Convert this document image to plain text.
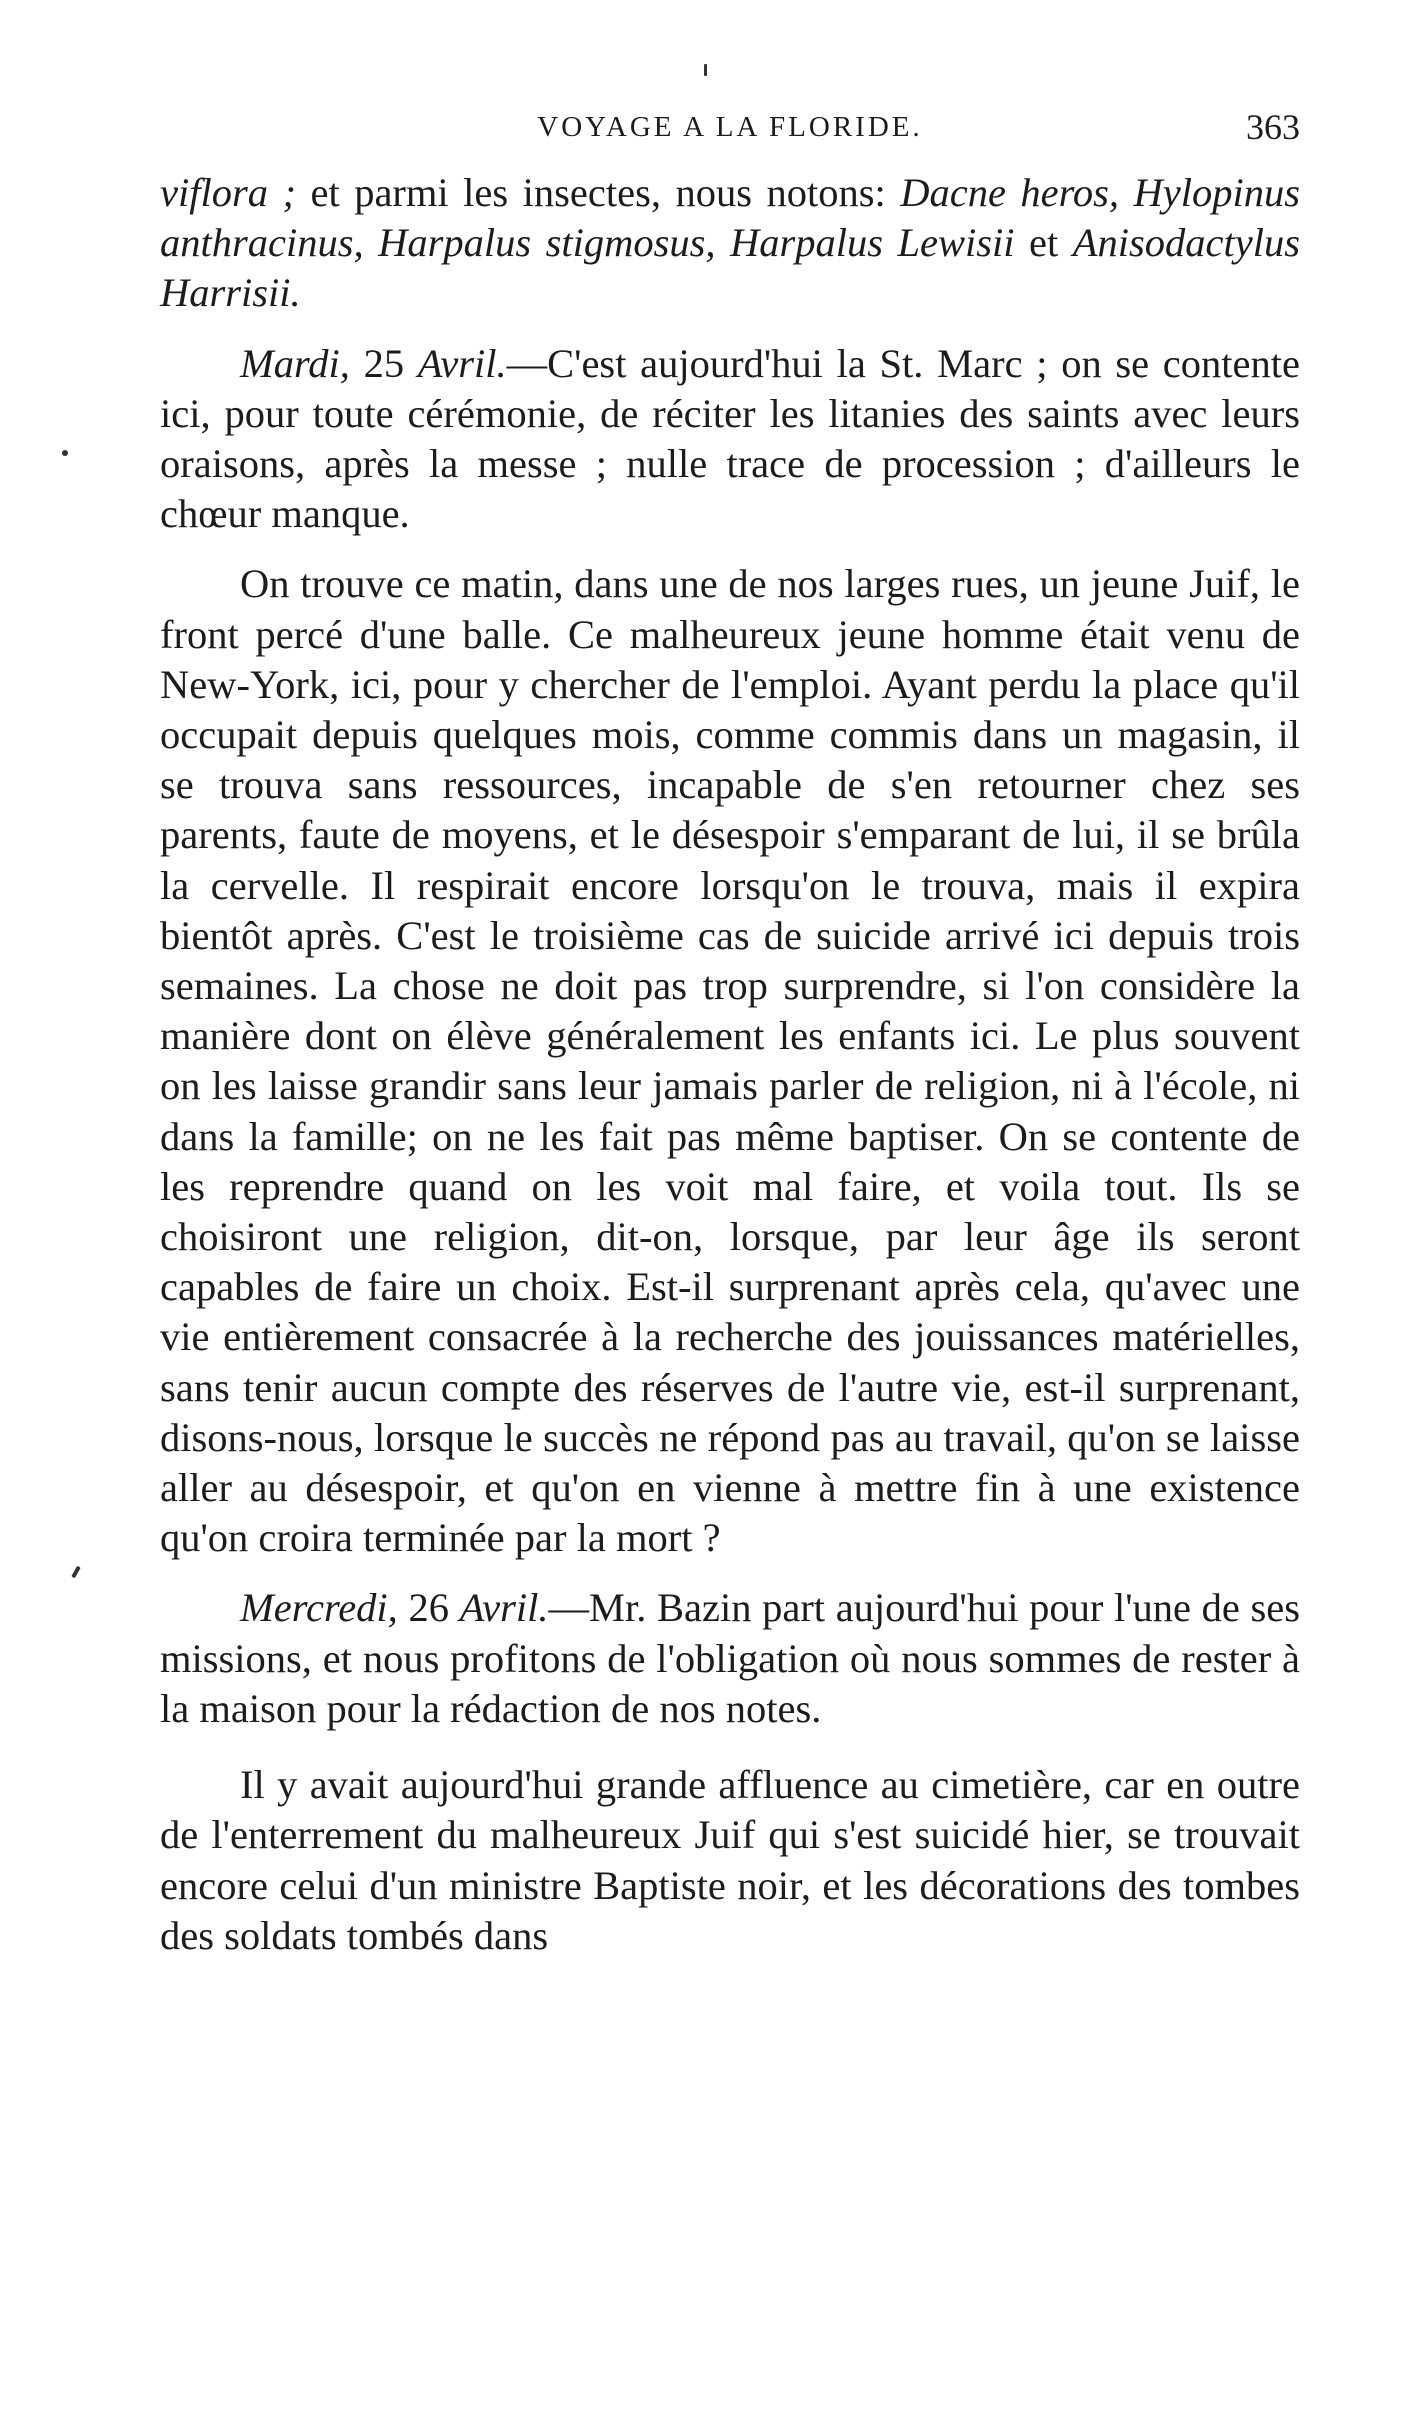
VOYAGE A LA FLORIDE.	363

viflora ; et parmi les insectes, nous notons: Dacne heros, Hylopinus anthracinus, Harpalus stigmosus, Harpalus Lewisii et Anisodactylus Harrisii.

Mardi, 25 Avril.—C'est aujourd'hui la St. Marc ; on se contente ici, pour toute cérémonie, de réciter les litanies des saints avec leurs oraisons, après la messe ; nulle trace de procession ; d'ailleurs le chœur manque.

On trouve ce matin, dans une de nos larges rues, un jeune Juif, le front percé d'une balle. Ce malheureux jeune homme était venu de New-York, ici, pour y chercher de l'emploi. Ayant perdu la place qu'il occupait depuis quelques mois, comme commis dans un magasin, il se trouva sans ressources, incapable de s'en retourner chez ses parents, faute de moyens, et le désespoir s'emparant de lui, il se brûla la cervelle. Il respirait encore lorsqu'on le trouva, mais il expira bientôt après. C'est le troisième cas de suicide arrivé ici depuis trois semaines. La chose ne doit pas trop surprendre, si l'on considère la manière dont on élève généralement les enfants ici. Le plus souvent on les laisse grandir sans leur jamais parler de religion, ni à l'école, ni dans la famille; on ne les fait pas même baptiser. On se contente de les reprendre quand on les voit mal faire, et voila tout. Ils se choisiront une religion, dit-on, lorsque, par leur âge ils seront capables de faire un choix. Est-il surprenant après cela, qu'avec une vie entièrement consacrée à la recherche des jouissances matérielles, sans tenir aucun compte des réserves de l'autre vie, est-il surprenant, disons-nous, lorsque le succès ne répond pas au travail, qu'on se laisse aller au désespoir, et qu'on en vienne à mettre fin à une existence qu'on croira terminée par la mort ?

Mercredi, 26 Avril.—Mr. Bazin part aujourd'hui pour l'une de ses missions, et nous profitons de l'obligation où nous sommes de rester à la maison pour la rédaction de nos notes.

Il y avait aujourd'hui grande affluence au cimetière, car en outre de l'enterrement du malheureux Juif qui s'est suicidé hier, se trouvait encore celui d'un ministre Baptiste noir, et les décorations des tombes des soldats tombés dans
